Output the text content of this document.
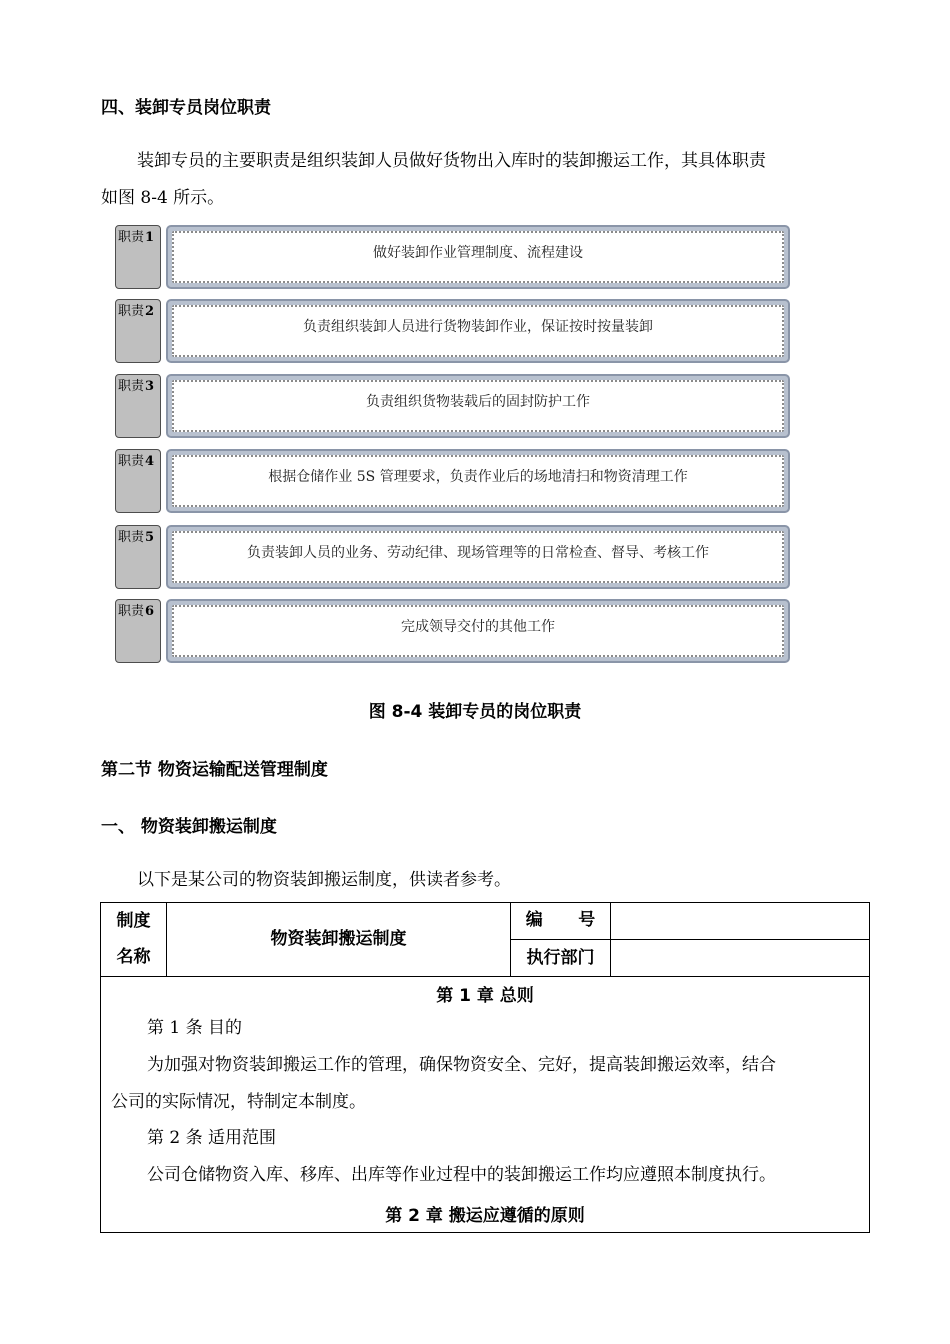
四、装卸专员岗位职责
装卸专员的主要职责是组织装卸人员做好货物出入库时的装卸搬运工作，其具体职责
如图 8-4 所示。
职责1
做好装卸作业管理制度、流程建设
职责2
负责组织装卸人员进行货物装卸作业，保证按时按量装卸
职责3
负责组织货物装载后的固封防护工作
职责4
根据仓储作业 5S 管理要求，负责作业后的场地清扫和物资清理工作
职责5
负责装卸人员的业务、劳动纪律、现场管理等的日常检查、督导、考核工作
职责6
完成领导交付的其他工作
图 8-4 装卸专员的岗位职责
第二节 物资运输配送管理制度
一、 物资装卸搬运制度
以下是某公司的物资装卸搬运制度，供读者参考。
制度
名称
物资装卸搬运制度
编      号
执行部门
第 1 章 总则
第 1 条 目的
为加强对物资装卸搬运工作的管理，确保物资安全、完好，提高装卸搬运效率，结合
公司的实际情况，特制定本制度。
第 2 条 适用范围
公司仓储物资入库、移库、出库等作业过程中的装卸搬运工作均应遵照本制度执行。
第 2 章 搬运应遵循的原则
